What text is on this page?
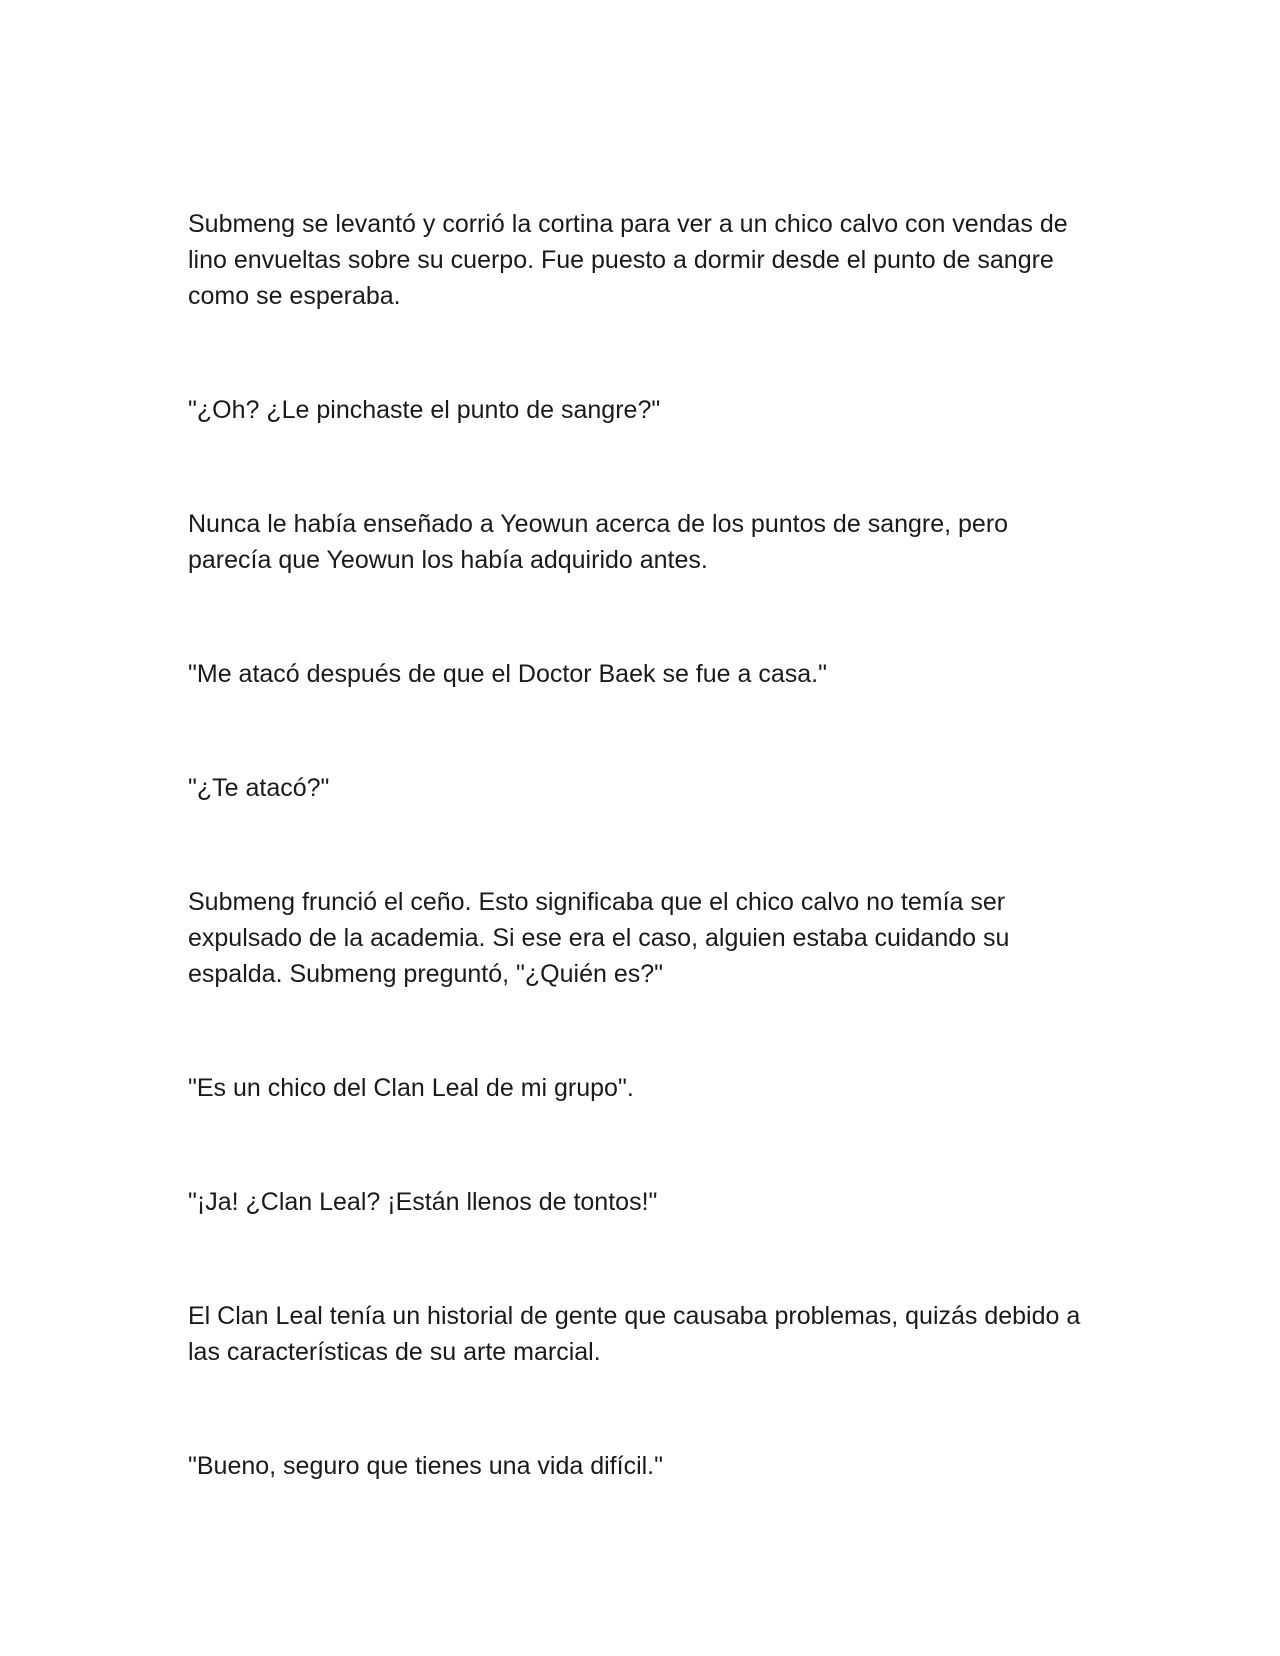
Submeng se levantó y corrió la cortina para ver a un chico calvo con vendas de lino envueltas sobre su cuerpo. Fue puesto a dormir desde el punto de sangre como se esperaba.

"¿Oh? ¿Le pinchaste el punto de sangre?"

Nunca le había enseñado a Yeowun acerca de los puntos de sangre, pero parecía que Yeowun los había adquirido antes.

"Me atacó después de que el Doctor Baek se fue a casa."

"¿Te atacó?"

Submeng frunció el ceño. Esto significaba que el chico calvo no temía ser expulsado de la academia. Si ese era el caso, alguien estaba cuidando su espalda. Submeng preguntó, "¿Quién es?"

"Es un chico del Clan Leal de mi grupo".

"¡Ja! ¿Clan Leal? ¡Están llenos de tontos!"

El Clan Leal tenía un historial de gente que causaba problemas, quizás debido a las características de su arte marcial.

"Bueno, seguro que tienes una vida difícil."
